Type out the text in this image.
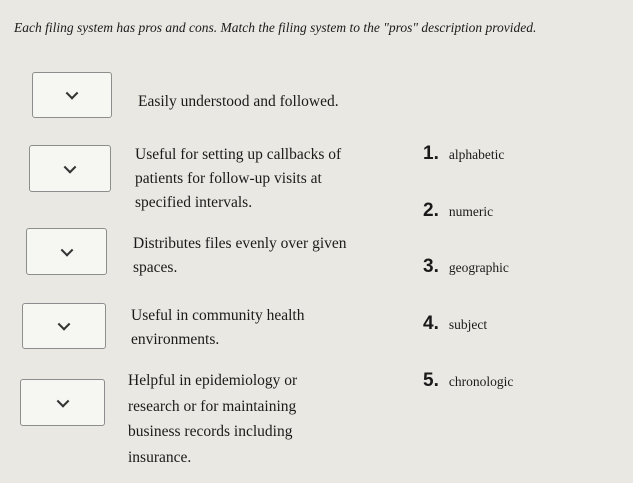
Each filing system has pros and cons. Match the filing system to the "pros" description provided.
Easily understood and followed.
Useful for setting up callbacks of
patients for follow-up visits at
specified intervals.
Distributes files evenly over given
spaces.
Useful in community health
environments.
Helpful in epidemiology or
research or for maintaining
business records including
insurance.
1. alphabetic
2. numeric
3. geographic
4. subject
5. chronologic
